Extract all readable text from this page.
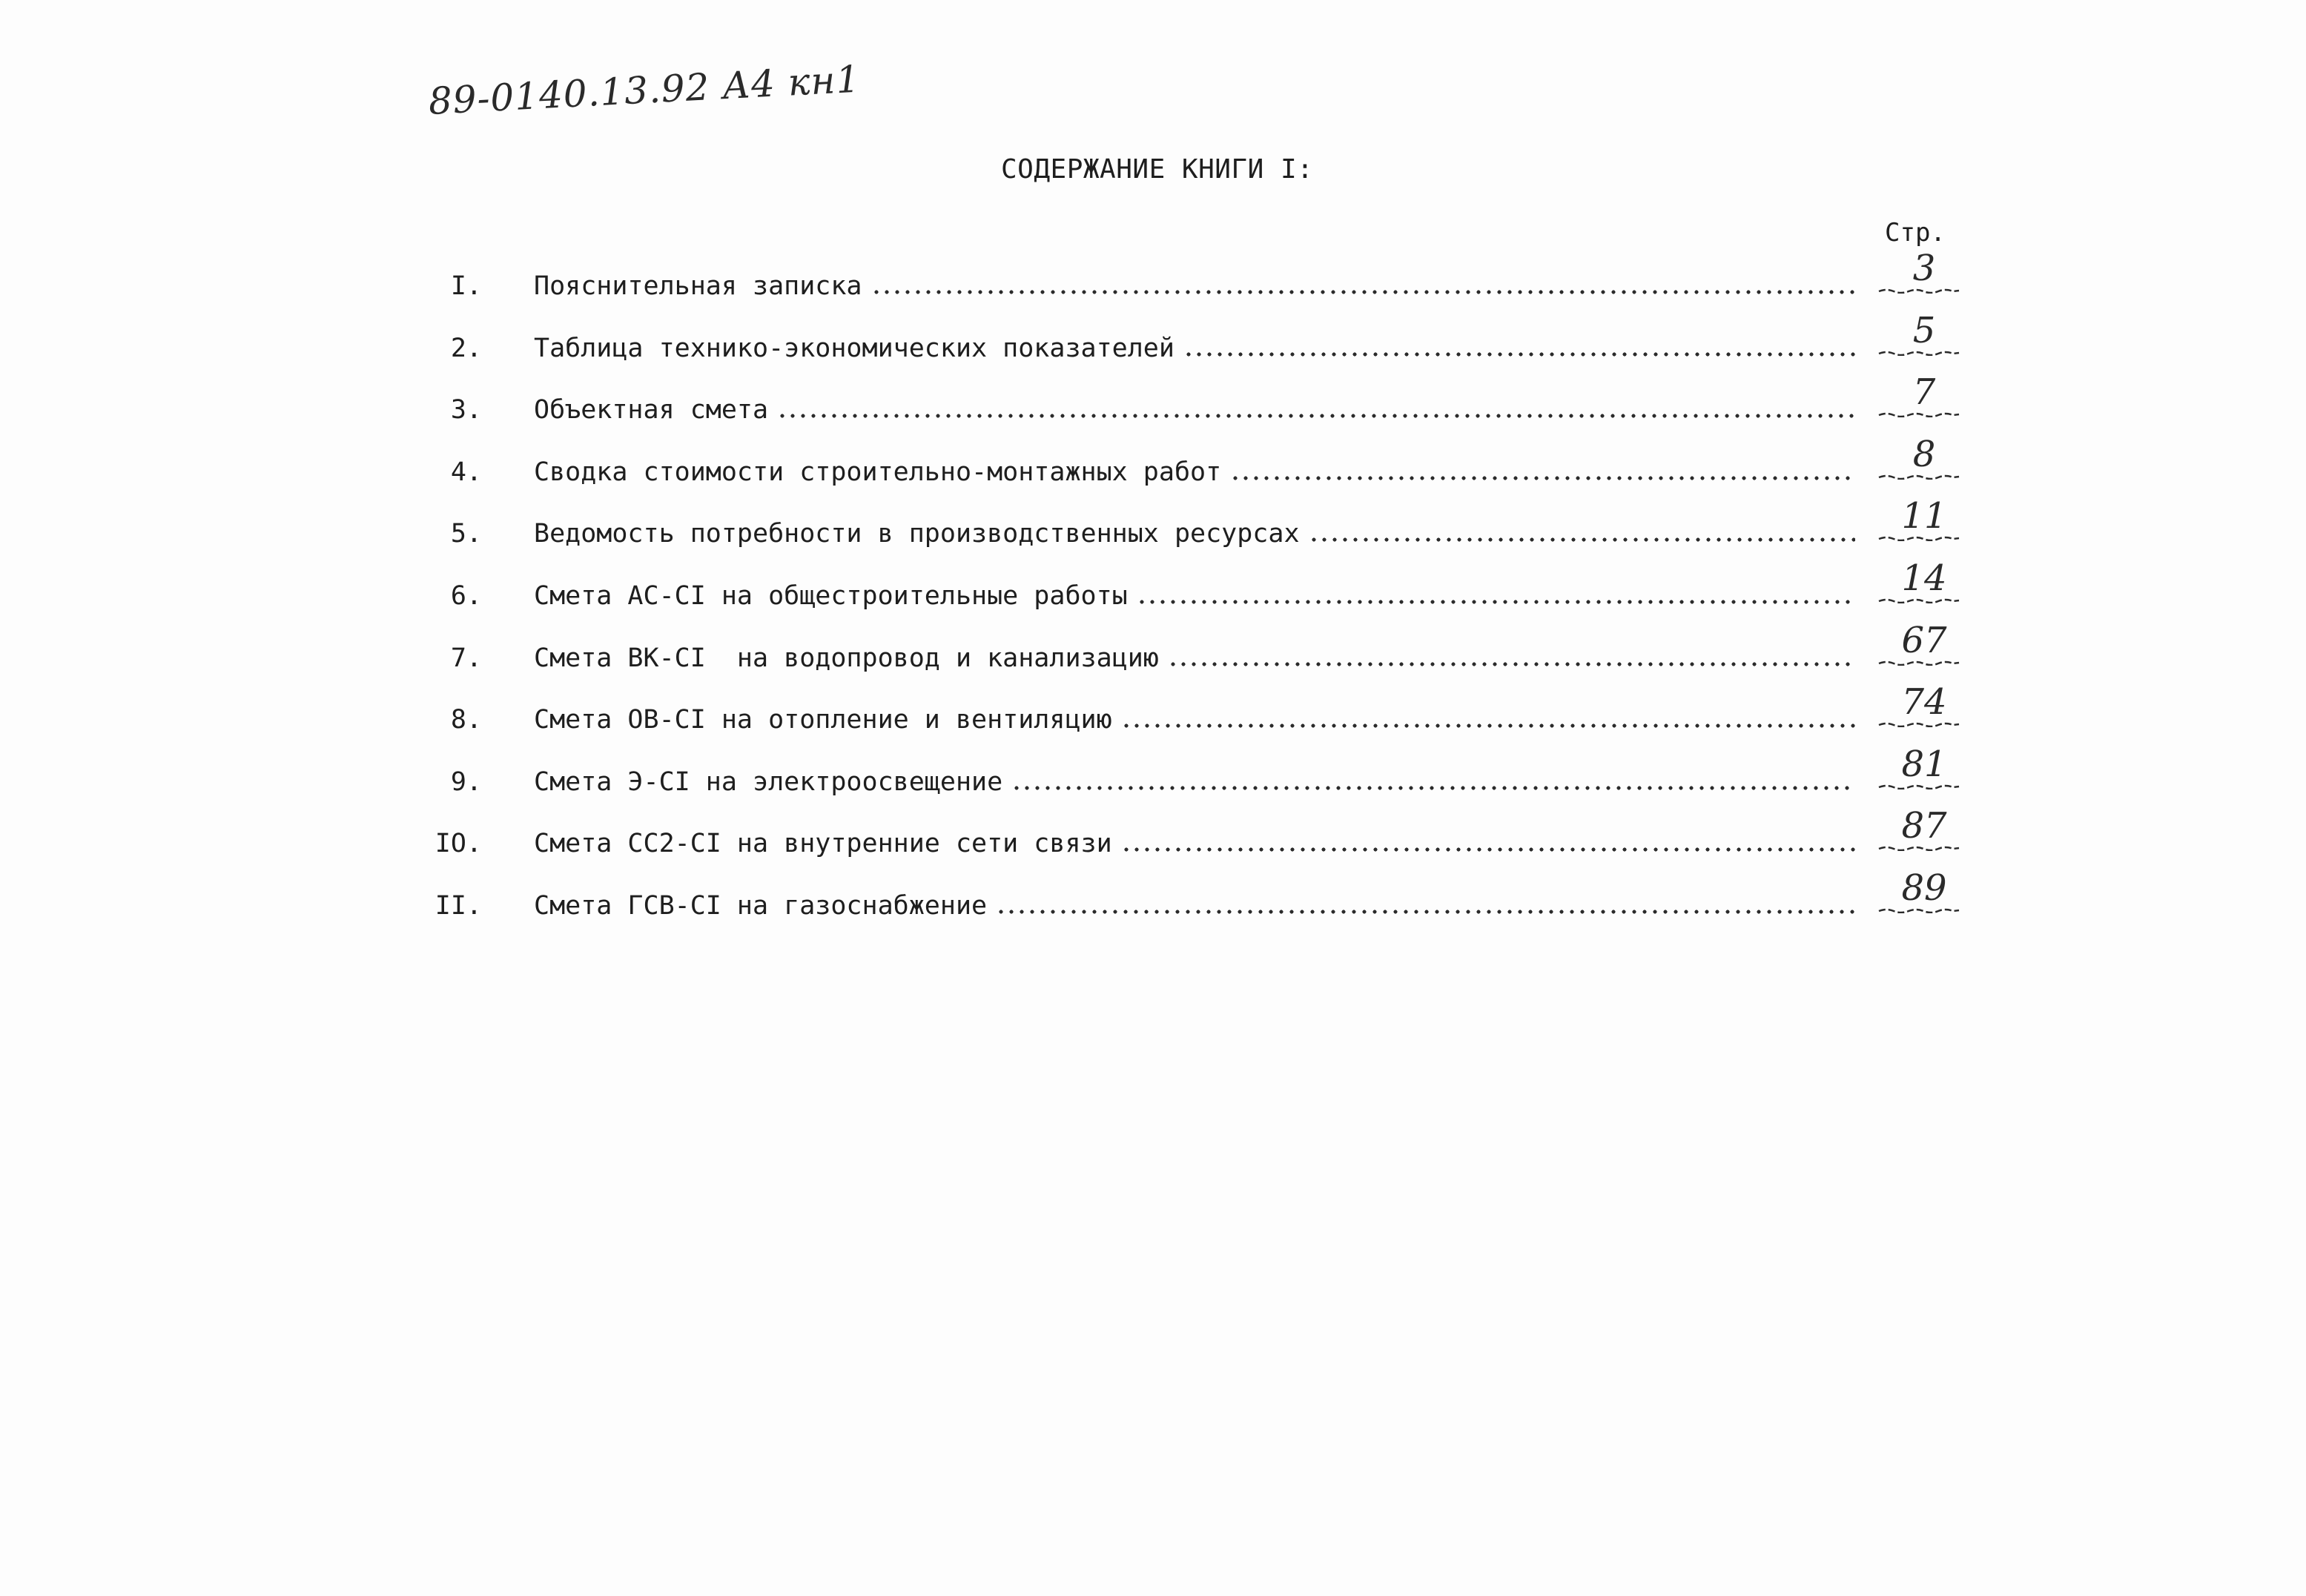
89-0140.13.92 А4 кн1
СОДЕРЖАНИЕ КНИГИ I:
Стр.
I. Пояснительная записка	3
2. Таблица технико-экономических показателей	5
3. Объектная смета	7
4. Сводка стоимости строительно-монтажных работ	8
5. Ведомость потребности в производственных ресурсах	11
6. Смета АС-CI на общестроительные работы	14
7. Смета ВК-CI  на водопровод и канализацию	67
8. Смета ОВ-CI на отопление и вентиляцию	74
9. Смета Э-CI на электроосвещение	81
IO. Смета СС2-CI на внутренние сети связи	87
II. Смета ГСВ-CI на газоснабжение	89
